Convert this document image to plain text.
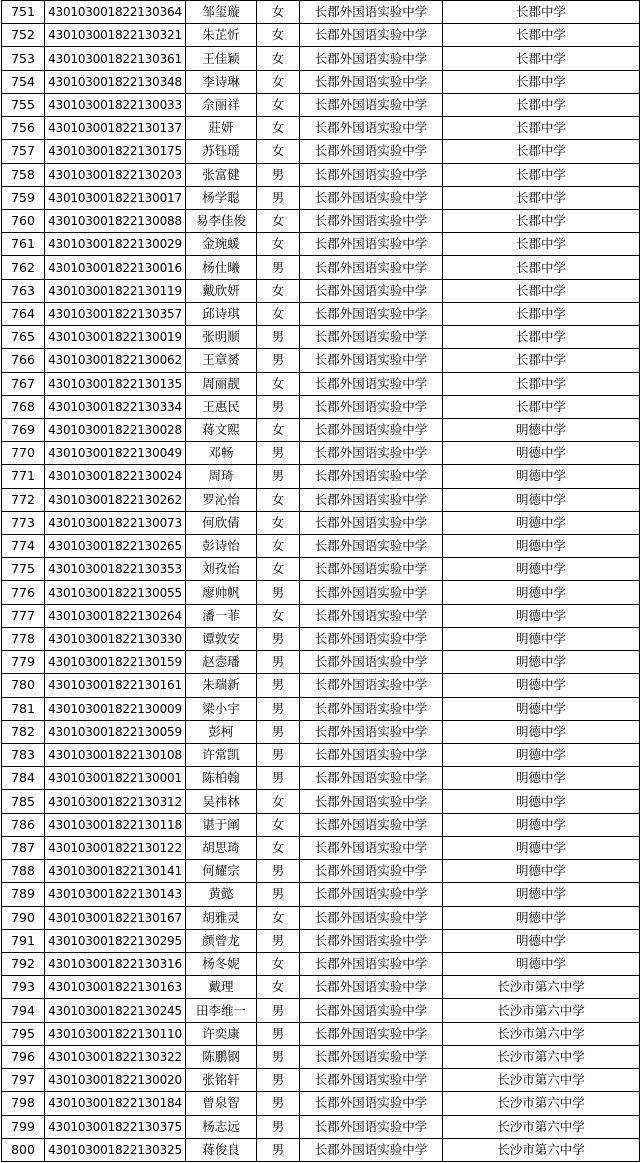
751	430103001822130364	邹玺璇	女	长郡外国语实验中学	长郡中学
752	430103001822130321	朱芷忻	女	长郡外国语实验中学	长郡中学
753	430103001822130361	王佳颖	女	长郡外国语实验中学	长郡中学
754	430103001822130348	李诗琳	女	长郡外国语实验中学	长郡中学
755	430103001822130033	佘丽祥	女	长郡外国语实验中学	长郡中学
756	430103001822130137	莊妍	女	长郡外国语实验中学	长郡中学
757	430103001822130175	苏钰瑶	女	长郡外国语实验中学	长郡中学
758	430103001822130203	张富健	男	长郡外国语实验中学	长郡中学
759	430103001822130017	杨学聪	男	长郡外国语实验中学	长郡中学
760	430103001822130088	易李佳俊	女	长郡外国语实验中学	长郡中学
761	430103001822130029	金琬蝯	女	长郡外国语实验中学	长郡中学
762	430103001822130016	杨仕曦	男	长郡外国语实验中学	长郡中学
763	430103001822130119	戴欣妍	女	长郡外国语实验中学	长郡中学
764	430103001822130357	邱诗琪	女	长郡外国语实验中学	长郡中学
765	430103001822130019	张明顺	男	长郡外国语实验中学	长郡中学
766	430103001822130062	王章赟	男	长郡外国语实验中学	长郡中学
767	430103001822130135	周丽靓	女	长郡外国语实验中学	长郡中学
768	430103001822130334	王惠民	男	长郡外国语实验中学	长郡中学
769	430103001822130028	蒋文熙	女	长郡外国语实验中学	明德中学
770	430103001822130049	邓畅	男	长郡外国语实验中学	明德中学
771	430103001822130024	周琦	男	长郡外国语实验中学	明德中学
772	430103001822130262	罗沁怡	女	长郡外国语实验中学	明德中学
773	430103001822130073	何欣倩	女	长郡外国语实验中学	明德中学
774	430103001822130265	彭诗怡	女	长郡外国语实验中学	明德中学
775	430103001822130353	刘孜怡	女	长郡外国语实验中学	明德中学
776	430103001822130055	廖帅帆	男	长郡外国语实验中学	明德中学
777	430103001822130264	潘一菲	女	长郡外国语实验中学	明德中学
778	430103001822130330	谭敦安	男	长郡外国语实验中学	明德中学
779	430103001822130159	赵悫璠	男	长郡外国语实验中学	明德中学
780	430103001822130161	朱瑞新	男	长郡外国语实验中学	明德中学
781	430103001822130009	梁小宇	男	长郡外国语实验中学	明德中学
782	430103001822130059	彭柯	男	长郡外国语实验中学	明德中学
783	430103001822130108	许常凯	男	长郡外国语实验中学	明德中学
784	430103001822130001	陈柏翰	男	长郡外国语实验中学	明德中学
785	430103001822130312	吴祎林	女	长郡外国语实验中学	明德中学
786	430103001822130118	谌于阐	女	长郡外国语实验中学	明德中学
787	430103001822130122	胡思琦	女	长郡外国语实验中学	明德中学
788	430103001822130141	何耀宗	男	长郡外国语实验中学	明德中学
789	430103001822130143	黄懿	男	长郡外国语实验中学	明德中学
790	430103001822130167	胡雅灵	女	长郡外国语实验中学	明德中学
791	430103001822130295	颜曾龙	男	长郡外国语实验中学	明德中学
792	430103001822130316	杨冬妮	女	长郡外国语实验中学	明德中学
793	430103001822130163	戴理	女	长郡外国语实验中学	长沙市第六中学
794	430103001822130245	田李维一	男	长郡外国语实验中学	长沙市第六中学
795	430103001822130110	许奕康	男	长郡外国语实验中学	长沙市第六中学
796	430103001822130322	陈鹏钢	男	长郡外国语实验中学	长沙市第六中学
797	430103001822130020	张铭轩	男	长郡外国语实验中学	长沙市第六中学
798	430103001822130184	曾泉智	男	长郡外国语实验中学	长沙市第六中学
799	430103001822130375	杨志远	男	长郡外国语实验中学	长沙市第六中学
800	430103001822130325	蒋俊良	男	长郡外国语实验中学	长沙市第六中学
